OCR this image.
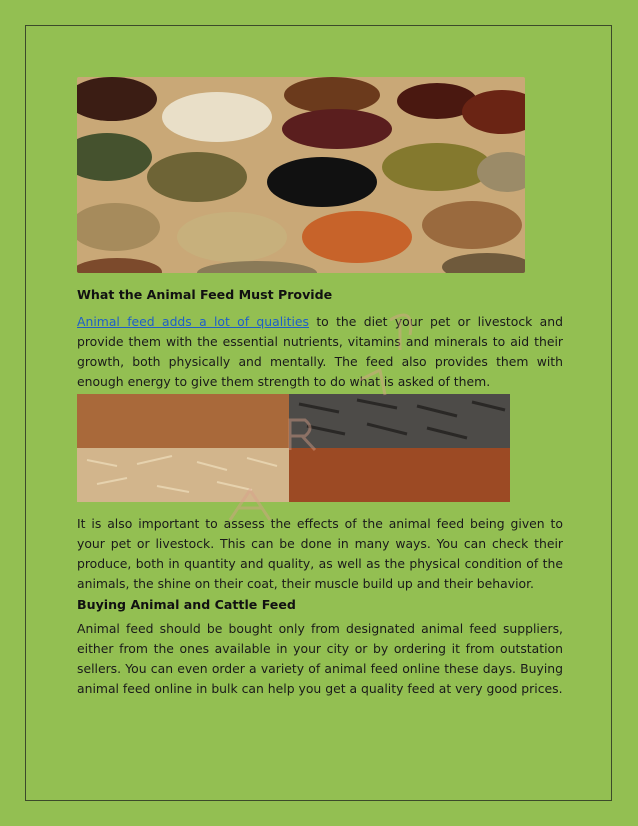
What the Animal Feed Must Provide

Animal feed adds a lot of qualities to the diet your pet or livestock and provide them with the essential nutrients, vitamins and minerals to aid their growth, both physically and mentally. The feed also provides them with enough energy to give them strength to do what is asked of them.

It is also important to assess the effects of the animal feed being given to your pet or livestock. This can be done in many ways. You can check their produce, both in quantity and quality, as well as the physical condition of the animals, the shine on their coat, their muscle build up and their behavior.

Buying Animal and Cattle Feed

Animal feed should be bought only from designated animal feed suppliers, either from the ones available in your city or by ordering it from outstation sellers. You can even order a variety of animal feed online these days. Buying animal feed online in bulk can help you get a quality feed at very good prices.
